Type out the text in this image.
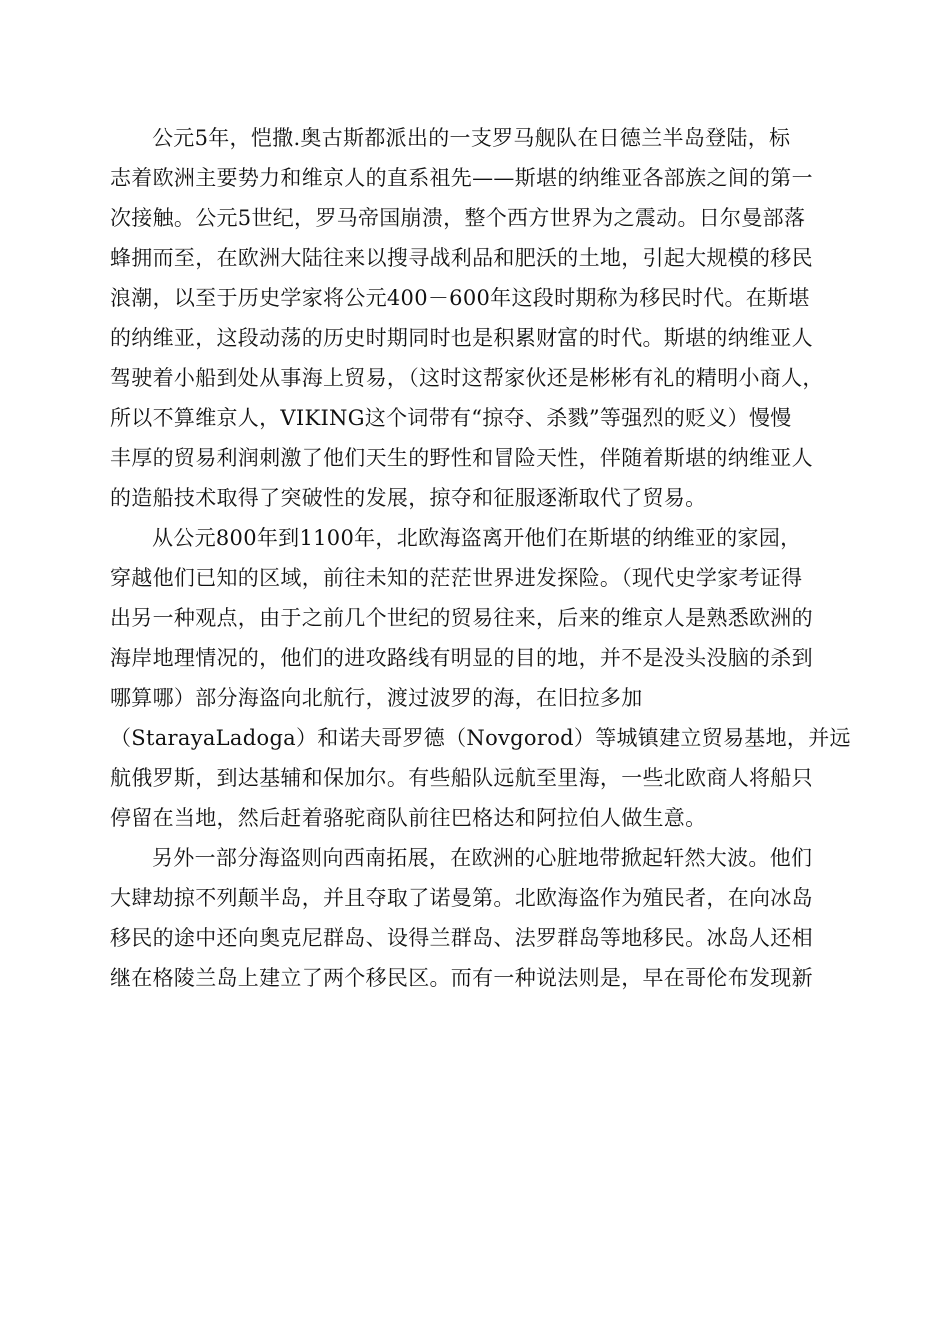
公元5年，恺撒.奥古斯都派出的一支罗马舰队在日德兰半岛登陆，标
志着欧洲主要势力和维京人的直系祖先——斯堪的纳维亚各部族之间的第一
次接触。公元5世纪，罗马帝国崩溃，整个西方世界为之震动。日尔曼部落
蜂拥而至，在欧洲大陆往来以搜寻战利品和肥沃的土地，引起大规模的移民
浪潮，以至于历史学家将公元400－600年这段时期称为移民时代。在斯堪
的纳维亚，这段动荡的历史时期同时也是积累财富的时代。斯堪的纳维亚人
驾驶着小船到处从事海上贸易，（这时这帮家伙还是彬彬有礼的精明小商人，
所以不算维京人，VIKING这个词带有“掠夺、杀戮”等强烈的贬义）慢慢
丰厚的贸易利润刺激了他们天生的野性和冒险天性，伴随着斯堪的纳维亚人
的造船技术取得了突破性的发展，掠夺和征服逐渐取代了贸易。
从公元800年到1100年，北欧海盗离开他们在斯堪的纳维亚的家园，
穿越他们已知的区域，前往未知的茫茫世界进发探险。（现代史学家考证得
出另一种观点，由于之前几个世纪的贸易往来，后来的维京人是熟悉欧洲的
海岸地理情况的，他们的进攻路线有明显的目的地，并不是没头没脑的杀到
哪算哪）部分海盗向北航行，渡过波罗的海，在旧拉多加
（StarayaLadoga）和诺夫哥罗德（Novgorod）等城镇建立贸易基地，并远
航俄罗斯，到达基辅和保加尔。有些船队远航至里海，一些北欧商人将船只
停留在当地，然后赶着骆驼商队前往巴格达和阿拉伯人做生意。
另外一部分海盗则向西南拓展，在欧洲的心脏地带掀起轩然大波。他们
大肆劫掠不列颠半岛，并且夺取了诺曼第。北欧海盗作为殖民者，在向冰岛
移民的途中还向奥克尼群岛、设得兰群岛、法罗群岛等地移民。冰岛人还相
继在格陵兰岛上建立了两个移民区。而有一种说法则是，早在哥伦布发现新
